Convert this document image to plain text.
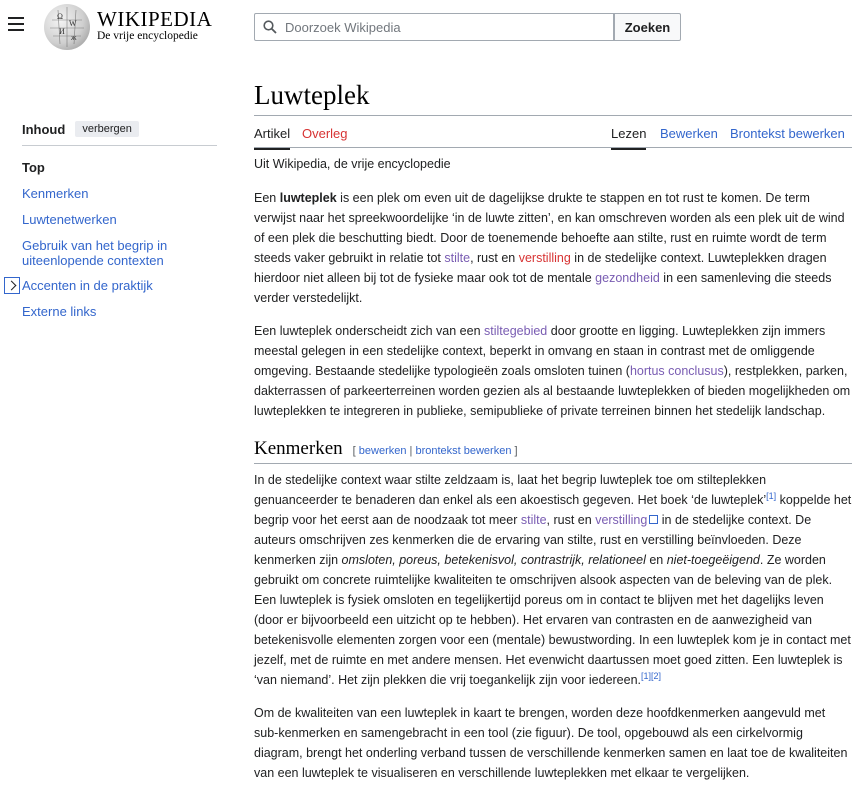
Ω
W
И
ж
WIKIPEDIA
De vrije encyclopedie
Doorzoek Wikipedia
Zoeken
Inhoud	verbergen
Top
Kenmerken
Luwtenetwerken
Gebruik van het begrip in uiteenlopende contexten
Accenten in de praktijk
Externe links
Luwteplek
Artikel Overleg	Lezen Bewerken Brontekst bewerken
Uit Wikipedia, de vrije encyclopedie

Een luwteplek is een plek om even uit de dagelijkse drukte te stappen en tot rust te komen. De term verwijst naar het spreekwoordelijke ‘in de luwte zitten’, en kan omschreven worden als een plek uit de wind of een plek die beschutting biedt. Door de toenemende behoefte aan stilte, rust en ruimte wordt de term steeds vaker gebruikt in relatie tot stilte, rust en verstilling in de stedelijke context. Luwteplekken dragen hierdoor niet alleen bij tot de fysieke maar ook tot de mentale gezondheid in een samenleving die steeds verder verstedelijkt.

Een luwteplek onderscheidt zich van een stiltegebied door grootte en ligging. Luwteplekken zijn immers meestal gelegen in een stedelijke context, beperkt in omvang en staan in contrast met de omliggende omgeving. Bestaande stedelijke typologieën zoals omsloten tuinen (hortus conclusus), restplekken, parken, dakterrassen of parkeerterreinen worden gezien als al bestaande luwteplekken of bieden mogelijkheden om luwteplekken te integreren in publieke, semipublieke of private terreinen binnen het stedelijk landschap.

Kenmerken [ bewerken | brontekst bewerken ]

In de stedelijke context waar stilte zeldzaam is, laat het begrip luwteplek toe om stilteplekken genuanceerder te benaderen dan enkel als een akoestisch gegeven. Het boek ‘de luwteplek’[1] koppelde het begrip voor het eerst aan de noodzaak tot meer stilte, rust en verstilling in de stedelijke context. De auteurs omschrijven zes kenmerken die de ervaring van stilte, rust en verstilling beïnvloeden. Deze kenmerken zijn omsloten, poreus, betekenisvol, contrastrijk, relationeel en niet-toegeëigend. Ze worden gebruikt om concrete ruimtelijke kwaliteiten te omschrijven alsook aspecten van de beleving van de plek. Een luwteplek is fysiek omsloten en tegelijkertijd poreus om in contact te blijven met het dagelijks leven (door er bijvoorbeeld een uitzicht op te hebben). Het ervaren van contrasten en de aanwezigheid van betekenisvolle elementen zorgen voor een (mentale) bewustwording. In een luwteplek kom je in contact met jezelf, met de ruimte en met andere mensen. Het evenwicht daartussen moet goed zitten. Een luwteplek is ‘van niemand’. Het zijn plekken die vrij toegankelijk zijn voor iedereen.[1][2]

Om de kwaliteiten van een luwteplek in kaart te brengen, worden deze hoofdkenmerken aangevuld met sub-kenmerken en samengebracht in een tool (zie figuur). De tool, opgebouwd als een cirkelvormig diagram, brengt het onderling verband tussen de verschillende kenmerken samen en laat toe de kwaliteiten van een luwteplek te visualiseren en verschillende luwteplekken met elkaar te vergelijken.
